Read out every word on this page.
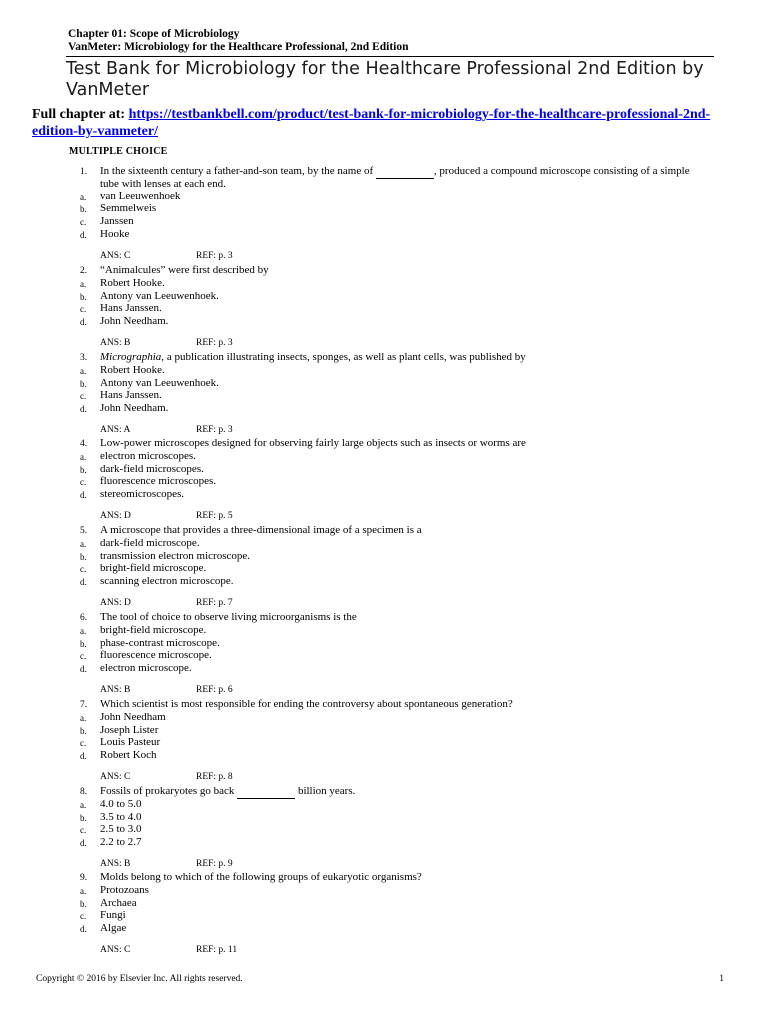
Chapter 01: Scope of Microbiology
VanMeter: Microbiology for the Healthcare Professional, 2nd Edition
Test Bank for Microbiology for the Healthcare Professional 2nd Edition by VanMeter
Full chapter at: https://testbankbell.com/product/test-bank-for-microbiology-for-the-healthcare-professional-2nd-edition-by-vanmeter/
MULTIPLE CHOICE
1.	In the sixteenth century a father-and-son team, by the name of	, produced a compound microscope consisting of a simple tube with lenses at each end.
a.	van Leeuwenhoek
b.	Semmelweis
c.	Janssen
d.	Hooke
ANS: C	REF: p. 3
2.	“Animalcules” were first described by
a.	Robert Hooke.
b.	Antony van Leeuwenhoek.
c.	Hans Janssen.
d.	John Needham.
ANS: B	REF: p. 3
3.	Micrographia, a publication illustrating insects, sponges, as well as plant cells, was published by
a.	Robert Hooke.
b.	Antony van Leeuwenhoek.
c.	Hans Janssen.
d.	John Needham.
ANS: A	REF: p. 3
4.	Low-power microscopes designed for observing fairly large objects such as insects or worms are
a.	electron microscopes.
b.	dark-field microscopes.
c.	fluorescence microscopes.
d.	stereomicroscopes.
ANS: D	REF: p. 5
5.	A microscope that provides a three-dimensional image of a specimen is a
a.	dark-field microscope.
b.	transmission electron microscope.
c.	bright-field microscope.
d.	scanning electron microscope.
ANS: D	REF: p. 7
6.	The tool of choice to observe living microorganisms is the
a.	bright-field microscope.
b.	phase-contrast microscope.
c.	fluorescence microscope.
d.	electron microscope.
ANS: B	REF: p. 6
7.	Which scientist is most responsible for ending the controversy about spontaneous generation?
a.	John Needham
b.	Joseph Lister
c.	Louis Pasteur
d.	Robert Koch
ANS: C	REF: p. 8
8.	Fossils of prokaryotes go back	billion years.
a.	4.0 to 5.0
b.	3.5 to 4.0
c.	2.5 to 3.0
d.	2.2 to 2.7
ANS: B	REF: p. 9
9.	Molds belong to which of the following groups of eukaryotic organisms?
a.	Protozoans
b.	Archaea
c.	Fungi
d.	Algae
ANS: C	REF: p. 11
Copyright © 2016 by Elsevier Inc. All rights reserved.	1
